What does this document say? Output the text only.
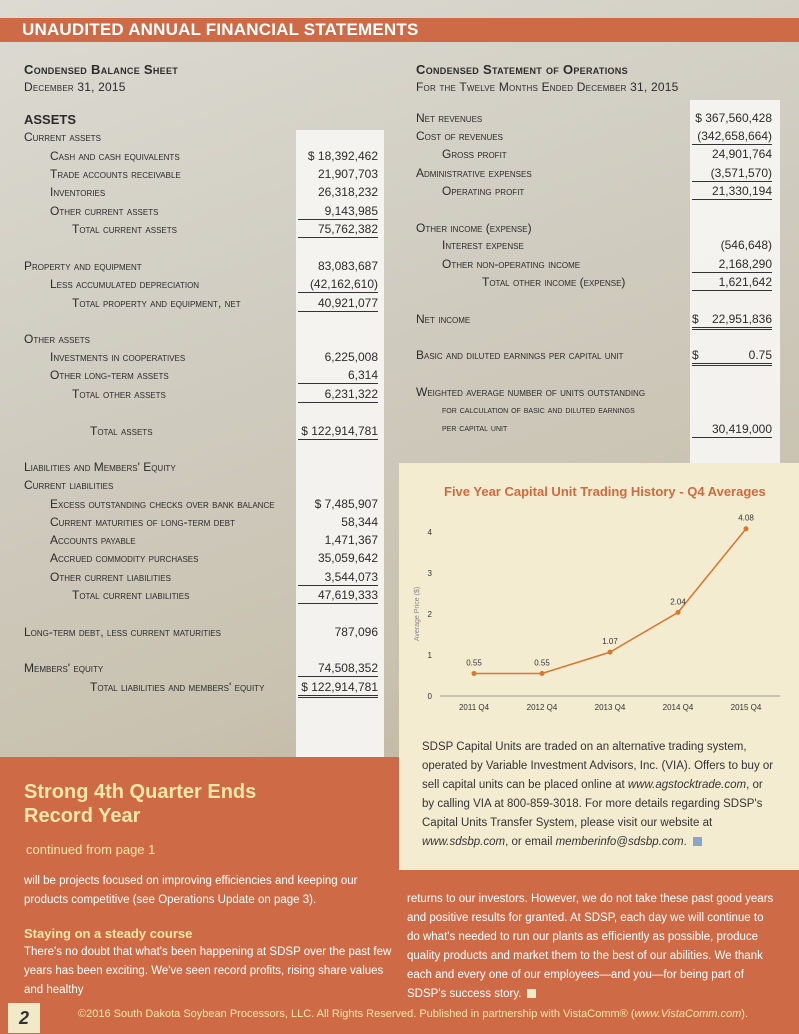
UNAUDITED ANNUAL FINANCIAL STATEMENTS
Condensed Balance Sheet
December 31, 2015
ASSETS
Current assets
Cash and cash equivalents	$ 18,392,462
Trade accounts receivable	21,907,703
Inventories	26,318,232
Other current assets	9,143,985
Total current assets	75,762,382
Property and equipment	83,083,687
Less accumulated depreciation	(42,162,610)
Total property and equipment, net	40,921,077
Other assets
Investments in cooperatives	6,225,008
Other long-term assets	6,314
Total other assets	6,231,322
Total assets	$ 122,914,781
Liabilities and Members' Equity
Current liabilities
Excess outstanding checks over bank balance	$ 7,485,907
Current maturities of long-term debt	58,344
Accounts payable	1,471,367
Accrued commodity purchases	35,059,642
Other current liabilities	3,544,073
Total current liabilities	47,619,333
Long-term debt, less current maturities	787,096
Members' equity	74,508,352
Total liabilities and members' equity	$ 122,914,781
Condensed Statement of Operations
For the Twelve Months Ended December 31, 2015
Net revenues	$ 367,560,428
Cost of revenues	(342,658,664)
Gross profit	24,901,764
Administrative expenses	(3,571,570)
Operating profit	21,330,194
Other income (expense)
Interest expense	(546,648)
Other non-operating income	2,168,290
Total other income (expense)	1,621,642
Net income	22,951,836
$
Basic and diluted earnings per capital unit	0.75
$
Weighted average number of units outstanding
for calculation of basic and diluted earnings
per capital unit	30,419,000
Five Year Capital Unit Trading History - Q4 Averages
0
1
2
3
4
Average Price ($)
2011 Q4	2012 Q4	2013 Q4	2014 Q4	2015 Q4
0.55	0.55
1.07
2.04
4.08
SDSP Capital Units are traded on an alternative trading system, operated by Variable Investment Advisors, Inc. (VIA). Offers to buy or sell capital units can be placed online at www.agstocktrade.com, or by calling VIA at 800-859-3018. For more details regarding SDSP's Capital Units Transfer System, please visit our website at www.sdsbp.com, or email memberinfo@sdsbp.com.
Strong 4th Quarter Ends
Record Year
continued from page 1
will be projects focused on improving efficiencies and keeping our products competitive (see Operations Update on page 3).
Staying on a steady course
There's no doubt that what's been happening at SDSP over the past few years has been exciting. We've seen record profits, rising share values and healthy
returns to our investors. However, we do not take these past good years and positive results for granted. At SDSP, each day we will continue to do what's needed to run our plants as efficiently as possible, produce quality products and market them to the best of our abilities. We thank each and every one of our employees—and you—for being part of SDSP's success story.
2	©2016 South Dakota Soybean Processors, LLC. All Rights Reserved. Published in partnership with VistaComm® (www.VistaComm.com).
